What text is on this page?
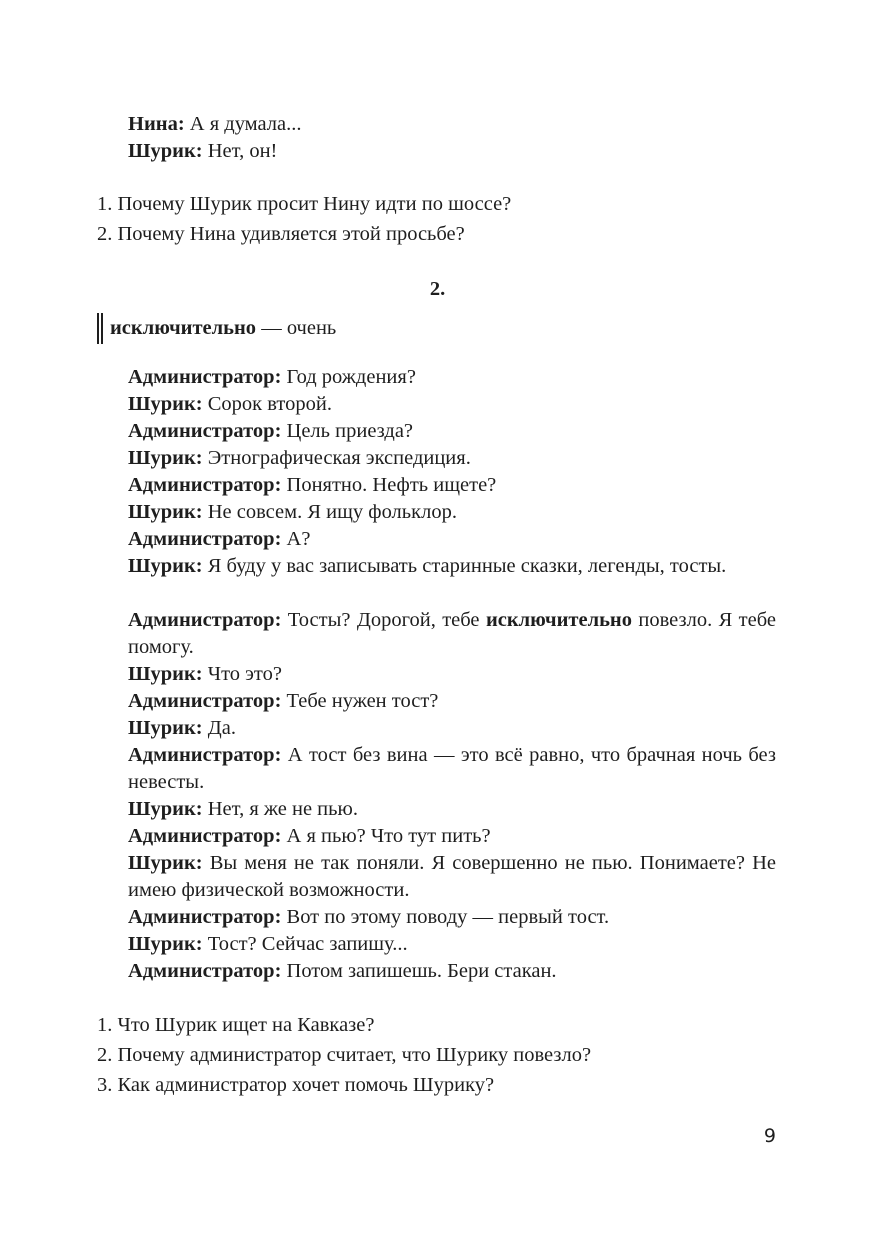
Нина: А я думала...
Шурик: Нет, он!
1. Почему Шурик просит Нину идти по шоссе?
2. Почему Нина удивляется этой просьбе?
2.
исключительно — очень
Администратор: Год рождения?
Шурик: Сорок второй.
Администратор: Цель приезда?
Шурик: Этнографическая экспедиция.
Администратор: Понятно. Нефть ищете?
Шурик: Не совсем. Я ищу фольклор.
Администратор: А?
Шурик: Я буду у вас записывать старинные сказки, легенды, тосты.
Администратор: Тосты? Дорогой, тебе исключительно повезло. Я тебе помогу.
Шурик: Что это?
Администратор: Тебе нужен тост?
Шурик: Да.
Администратор: А тост без вина — это всё равно, что брачная ночь без невесты.
Шурик: Нет, я же не пью.
Администратор: А я пью? Что тут пить?
Шурик: Вы меня не так поняли. Я совершенно не пью. Понимаете? Не имею физической возможности.
Администратор: Вот по этому поводу — первый тост.
Шурик: Тост? Сейчас запишу...
Администратор: Потом запишешь. Бери стакан.
1. Что Шурик ищет на Кавказе?
2. Почему администратор считает, что Шурику повезло?
3. Как администратор хочет помочь Шурику?
9
